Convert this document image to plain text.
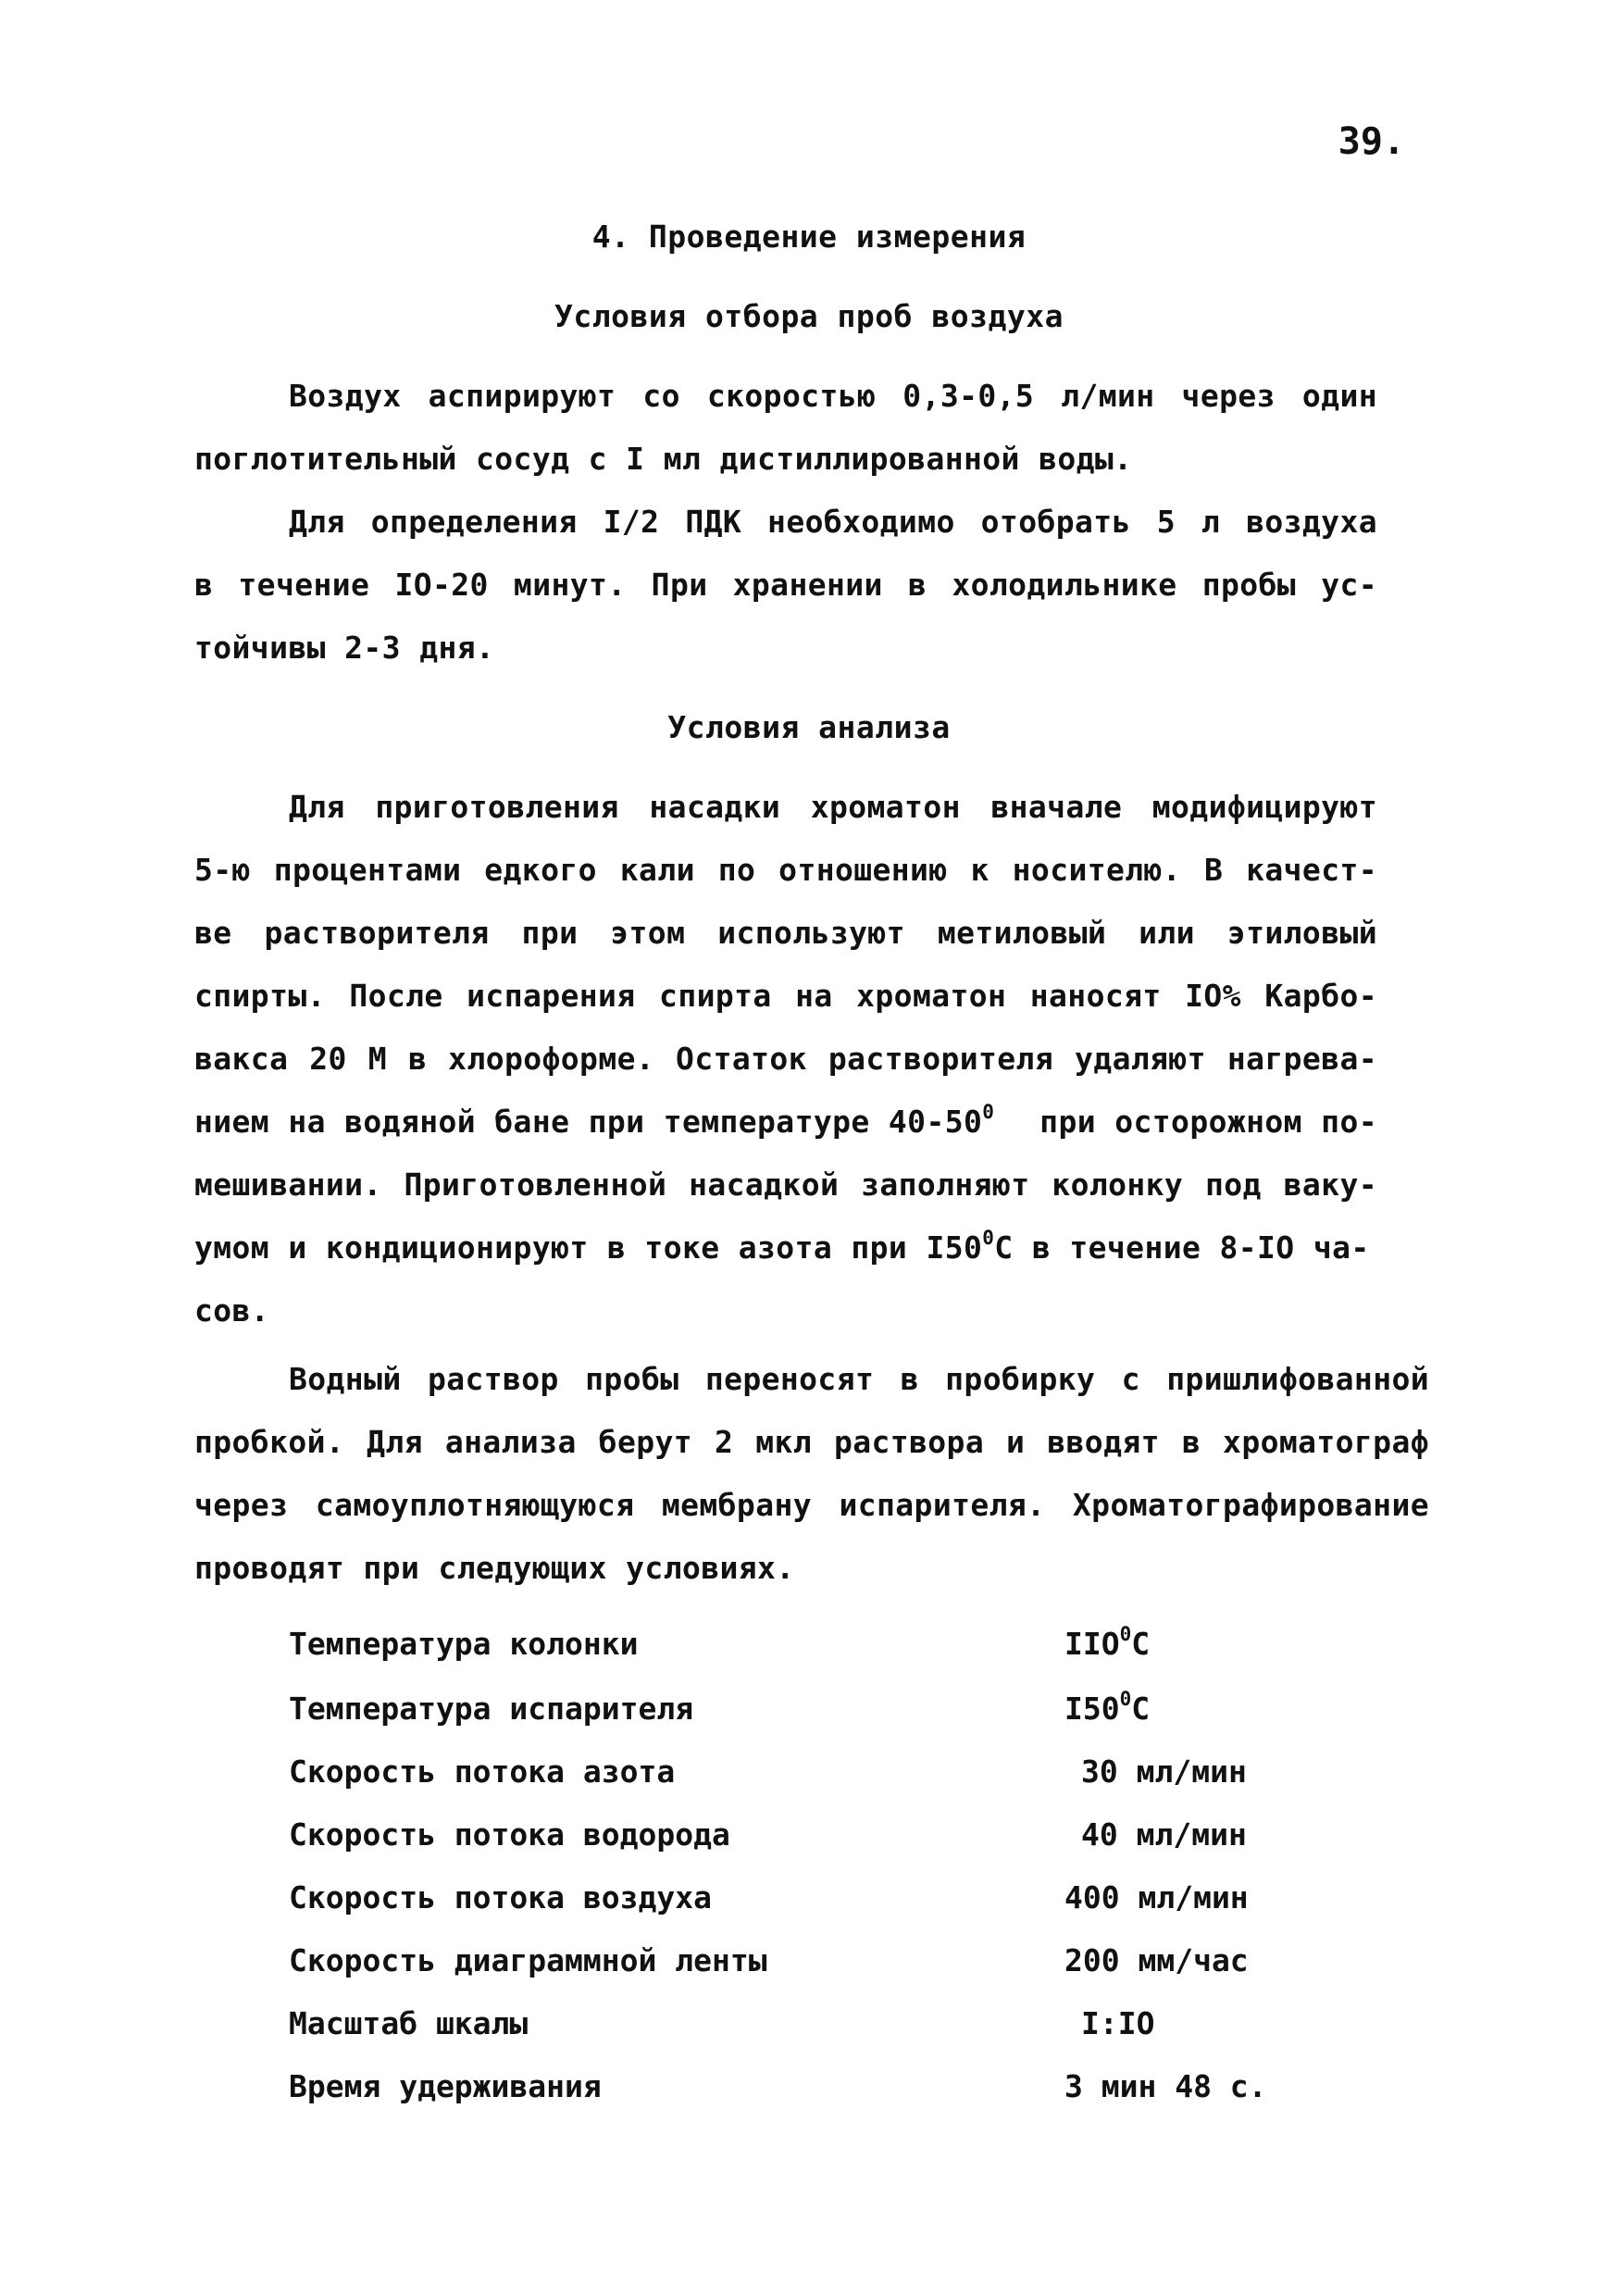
39.
4. Проведение измерения
Условия отбора проб воздуха
Воздух аспирируют со скоростью 0,3-0,5 л/мин через один
поглотительный сосуд с I мл дистиллированной воды.
Для определения I/2 ПДК необходимо отобрать 5 л воздуха
в течение IO-20 минут. При хранении в холодильнике пробы ус-
тойчивы 2-3 дня.
Условия анализа
Для приготовления насадки хроматон вначале модифицируют
5-ю процентами едкого кали по отношению к носителю. В качест-
ве растворителя при этом используют метиловый или этиловый
спирты. После испарения спирта на хроматон наносят IO% Карбо-
вакса 20 М в хлороформе. Остаток растворителя удаляют нагрева-
нием на водяной бане при температуре $40-50^0$ при осторожном по-
мешивании. Приготовленной насадкой заполняют колонку под ваку-
умом и кондиционируют в токе азота при $I50^0С$ в течение 8-IO ча-
сов.
Водный раствор пробы переносят в пробирку с пришлифованной
пробкой. Для анализа берут 2 мкл раствора и вводят в хроматограф
через самоуплотняющуюся мембрану испарителя. Хроматографирование
проводят при следующих условиях.
Температура колонки	IIO$^0$С
Температура испарителя	$I50^0С$
Скорость потока азота	30 мл/мин
Скорость потока водорода	40 мл/мин
Скорость потока воздуха	400 мл/мин
Скорость диаграммной ленты	200 мм/час
Масштаб шкалы	I:IO
Время удерживания	3 мин 48 с.
